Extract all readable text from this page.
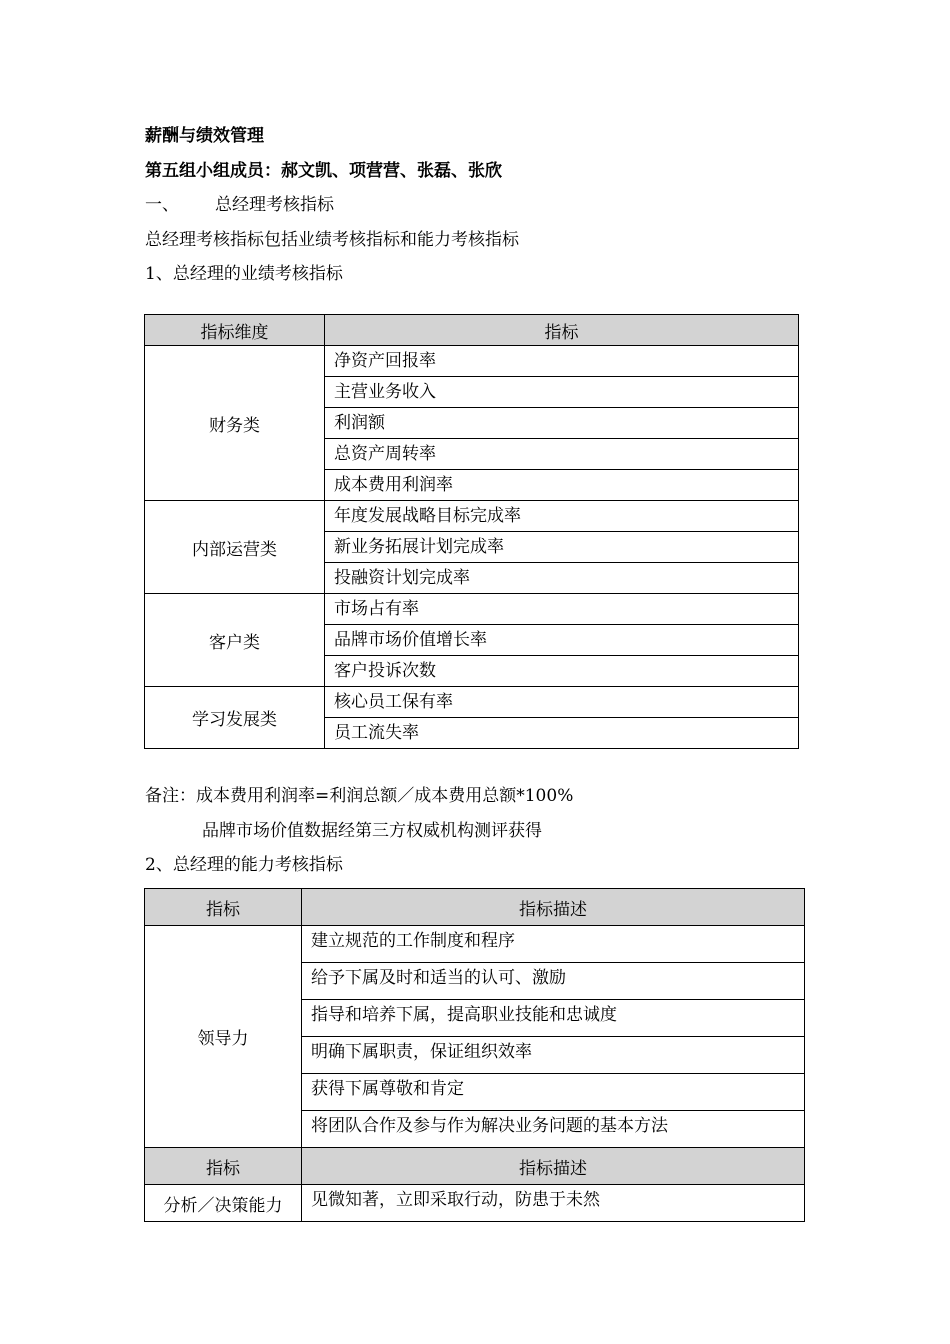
薪酬与绩效管理
第五组小组成员：郝文凯、项营营、张磊、张欣
一、 总经理考核指标
总经理考核指标包括业绩考核指标和能力考核指标
1、总经理的业绩考核指标
指标维度	指标
财务类	净资产回报率
	主营业务收入
	利润额
	总资产周转率
	成本费用利润率
内部运营类	年度发展战略目标完成率
	新业务拓展计划完成率
	投融资计划完成率
客户类	市场占有率
	品牌市场价值增长率
	客户投诉次数
学习发展类	核心员工保有率
	员工流失率
备注：成本费用利润率=利润总额／成本费用总额*100%
品牌市场价值数据经第三方权威机构测评获得
2、总经理的能力考核指标
指标	指标描述
领导力	建立规范的工作制度和程序
	给予下属及时和适当的认可、激励
	指导和培养下属，提高职业技能和忠诚度
	明确下属职责，保证组织效率
	获得下属尊敬和肯定
	将团队合作及参与作为解决业务问题的基本方法
指标	指标描述
分析／决策能力	见微知著，立即采取行动，防患于未然
